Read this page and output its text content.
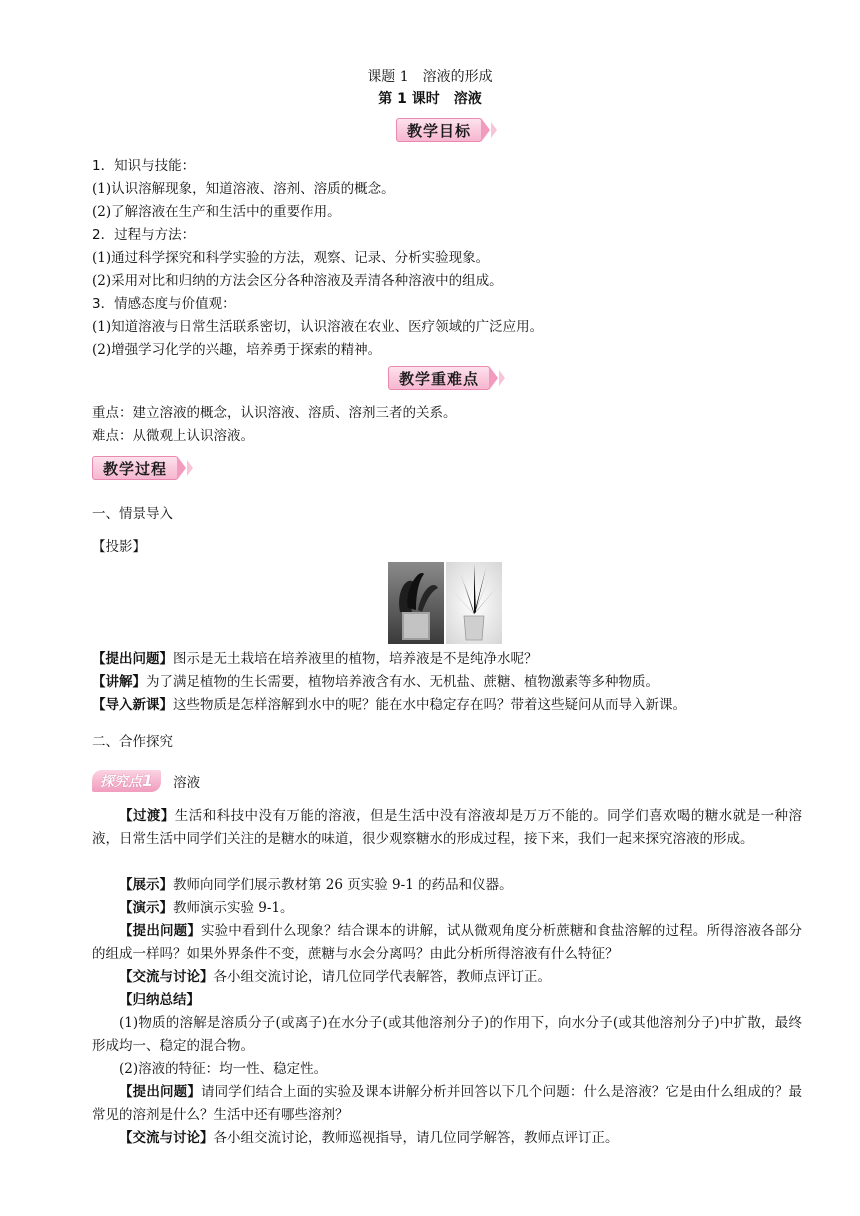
课题 1　溶液的形成
第 1 课时　溶液
教学目标
1．知识与技能：
(1)认识溶解现象，知道溶液、溶剂、溶质的概念。
(2)了解溶液在生产和生活中的重要作用。
2．过程与方法：
(1)通过科学探究和科学实验的方法，观察、记录、分析实验现象。
(2)采用对比和归纳的方法会区分各种溶液及弄清各种溶液中的组成。
3．情感态度与价值观：
(1)知道溶液与日常生活联系密切，认识溶液在农业、医疗领域的广泛应用。
(2)增强学习化学的兴趣，培养勇于探索的精神。
教学重难点
重点：建立溶液的概念，认识溶液、溶质、溶剂三者的关系。
难点：从微观上认识溶液。
教学过程
一、情景导入
【投影】
【提出问题】图示是无土栽培在培养液里的植物，培养液是不是纯净水呢？
【讲解】为了满足植物的生长需要，植物培养液含有水、无机盐、蔗糖、植物激素等多种物质。
【导入新课】这些物质是怎样溶解到水中的呢？能在水中稳定存在吗？带着这些疑问从而导入新课。
二、合作探究
探究点1	溶液
【过渡】生活和科技中没有万能的溶液，但是生活中没有溶液却是万万不能的。同学们喜欢喝的糖水就是一种溶液，日常生活中同学们关注的是糖水的味道，很少观察糖水的形成过程，接下来，我们一起来探究溶液的形成。
【展示】教师向同学们展示教材第 26 页实验 9-1 的药品和仪器。
【演示】教师演示实验 9-1。
【提出问题】实验中看到什么现象？结合课本的讲解，试从微观角度分析蔗糖和食盐溶解的过程。所得溶液各部分的组成一样吗？如果外界条件不变，蔗糖与水会分离吗？由此分析所得溶液有什么特征？
【交流与讨论】各小组交流讨论，请几位同学代表解答，教师点评订正。
【归纳总结】
(1)物质的溶解是溶质分子(或离子)在水分子(或其他溶剂分子)的作用下，向水分子(或其他溶剂分子)中扩散，最终形成均一、稳定的混合物。
(2)溶液的特征：均一性、稳定性。
【提出问题】请同学们结合上面的实验及课本讲解分析并回答以下几个问题：什么是溶液？它是由什么组成的？最常见的溶剂是什么？生活中还有哪些溶剂？
【交流与讨论】各小组交流讨论，教师巡视指导，请几位同学解答，教师点评订正。
